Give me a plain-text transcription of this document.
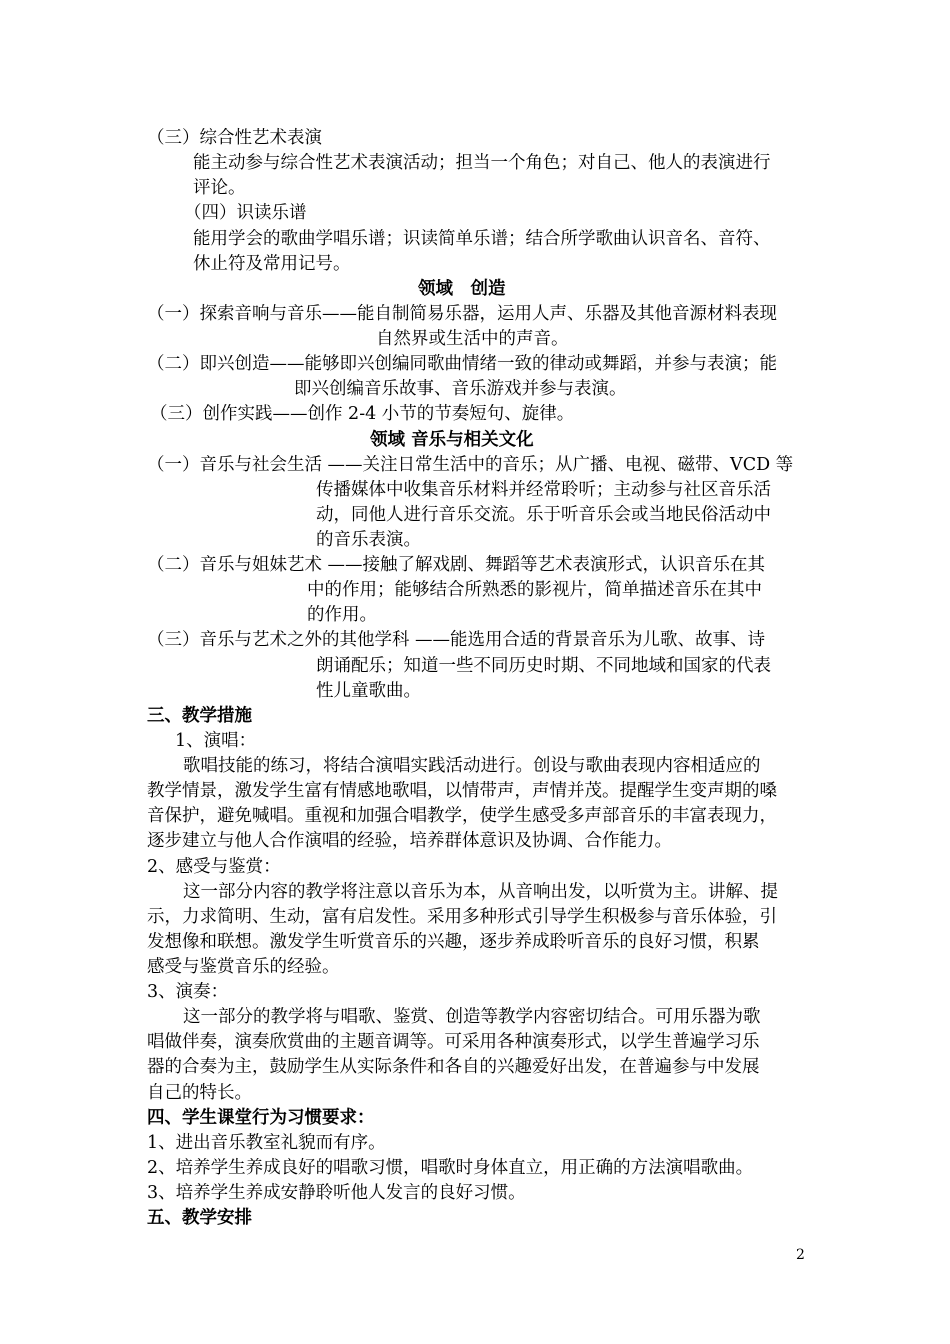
（三）综合性艺术表演

能主动参与综合性艺术表演活动；担当一个角色；对自己、他人的表演进行

评论。

（四）识读乐谱

能用学会的歌曲学唱乐谱；识读简单乐谱；结合所学歌曲认识音名、音符、

休止符及常用记号。

领域　创造

（一）探索音响与音乐——能自制简易乐器，运用人声、乐器及其他音源材料表现

自然界或生活中的声音。

（二）即兴创造——能够即兴创编同歌曲情绪一致的律动或舞蹈，并参与表演；能

即兴创编音乐故事、音乐游戏并参与表演。

（三）创作实践——创作 2-4 小节的节奏短句、旋律。

领域 音乐与相关文化

（一）音乐与社会生活 ——关注日常生活中的音乐；从广播、电视、磁带、VCD 等

传播媒体中收集音乐材料并经常聆听；主动参与社区音乐活

动，同他人进行音乐交流。乐于听音乐会或当地民俗活动中

的音乐表演。

（二）音乐与姐妹艺术 ——接触了解戏剧、舞蹈等艺术表演形式，认识音乐在其

中的作用；能够结合所熟悉的影视片，简单描述音乐在其中

的作用。

（三）音乐与艺术之外的其他学科 ——能选用合适的背景音乐为儿歌、故事、诗

朗诵配乐；知道一些不同历史时期、不同地域和国家的代表

性儿童歌曲。

三、教学措施

1、演唱：

歌唱技能的练习，将结合演唱实践活动进行。创设与歌曲表现内容相适应的

教学情景，激发学生富有情感地歌唱，以情带声，声情并茂。提醒学生变声期的嗓

音保护，避免喊唱。重视和加强合唱教学，使学生感受多声部音乐的丰富表现力，

逐步建立与他人合作演唱的经验，培养群体意识及协调、合作能力。

2、感受与鉴赏：

这一部分内容的教学将注意以音乐为本，从音响出发，以听赏为主。讲解、提

示，力求简明、生动，富有启发性。采用多种形式引导学生积极参与音乐体验，引

发想像和联想。激发学生听赏音乐的兴趣，逐步养成聆听音乐的良好习惯，积累

感受与鉴赏音乐的经验。

3、演奏：

这一部分的教学将与唱歌、鉴赏、创造等教学内容密切结合。可用乐器为歌

唱做伴奏，演奏欣赏曲的主题音调等。可采用各种演奏形式，以学生普遍学习乐

器的合奏为主，鼓励学生从实际条件和各自的兴趣爱好出发，在普遍参与中发展

自己的特长。

四、学生课堂行为习惯要求：

1、进出音乐教室礼貌而有序。

2、培养学生养成良好的唱歌习惯，唱歌时身体直立，用正确的方法演唱歌曲。

3、培养学生养成安静聆听他人发言的良好习惯。

五、教学安排

2
